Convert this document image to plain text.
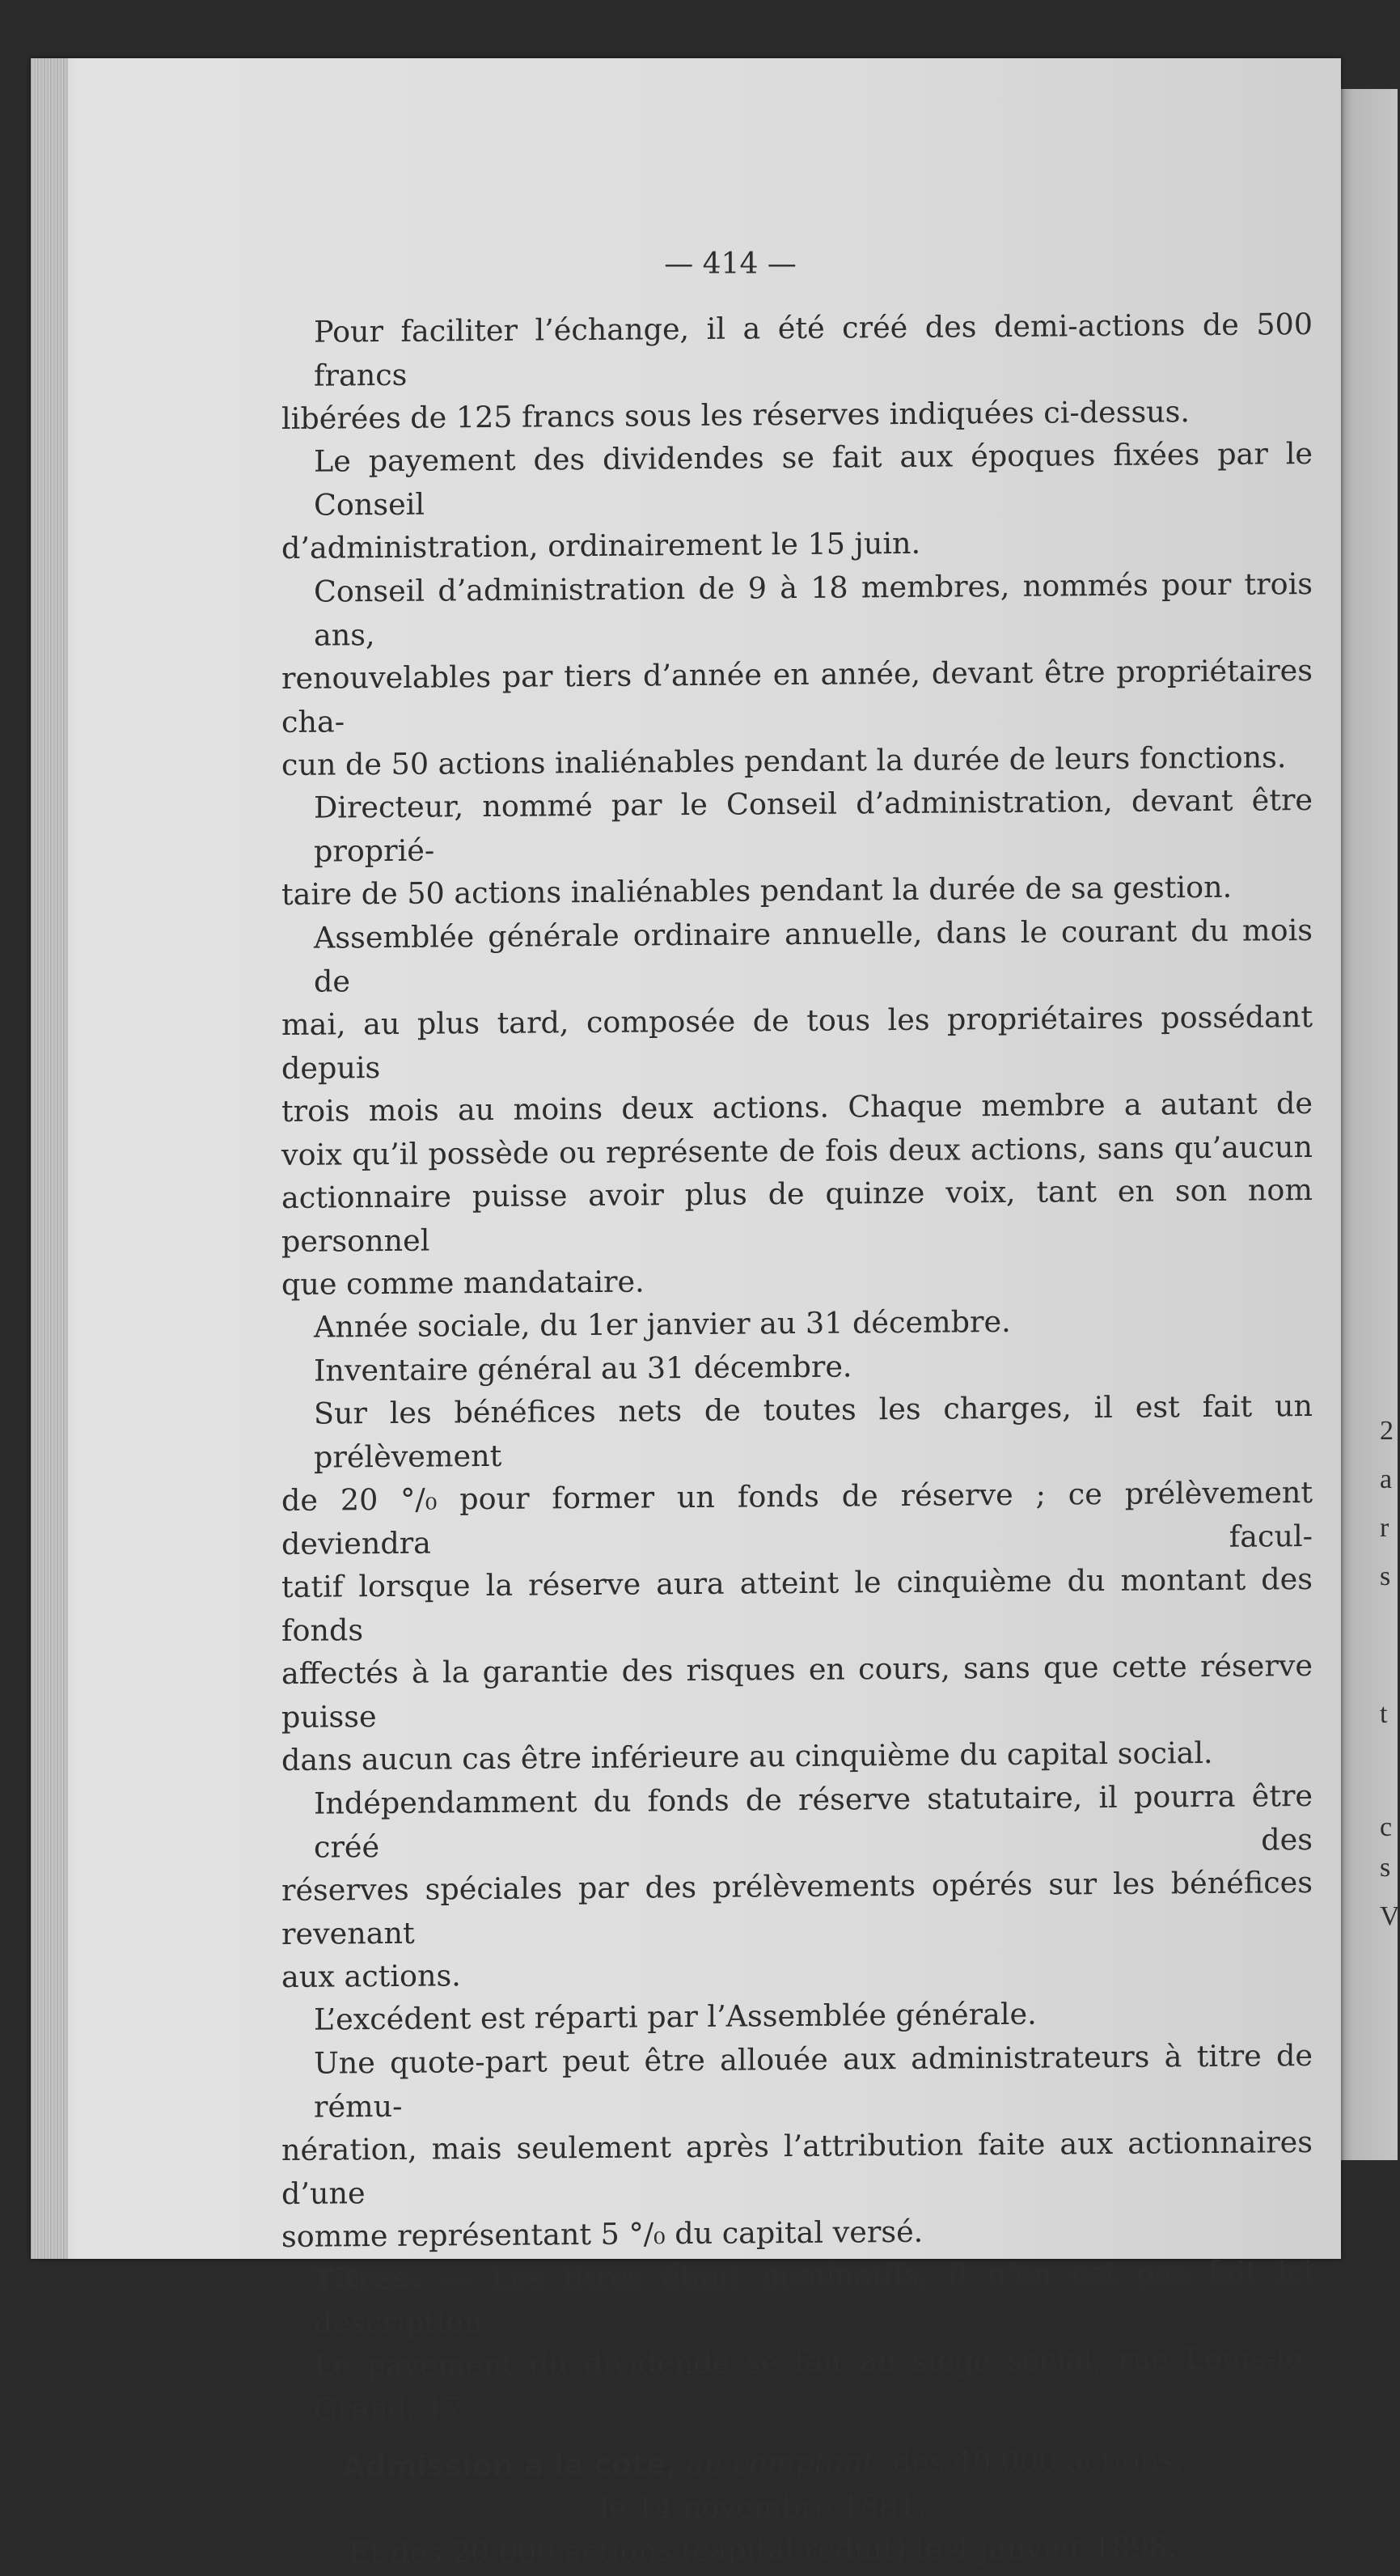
2
a
r
s
t
c
s
V
— 414 —
Pour faciliter l’échange, il a été créé des demi-actions de 500 francs
libérées de 125 francs sous les réserves indiquées ci-dessus.
Le payement des dividendes se fait aux époques fixées par le Conseil
d’administration, ordinairement le 15 juin.
Conseil d’administration de 9 à 18 membres, nommés pour trois ans,
renouvelables par tiers d’année en année, devant être propriétaires cha-
cun de 50 actions inaliénables pendant la durée de leurs fonctions.
Directeur, nommé par le Conseil d’administration, devant être proprié-
taire de 50 actions inaliénables pendant la durée de sa gestion.
Assemblée générale ordinaire annuelle, dans le courant du mois de
mai, au plus tard, composée de tous les propriétaires possédant depuis
trois mois au moins deux actions. Chaque membre a autant de
voix qu’il possède ou représente de fois deux actions, sans qu’aucun
actionnaire puisse avoir plus de quinze voix, tant en son nom personnel
que comme mandataire.
Année sociale, du 1er janvier au 31 décembre.
Inventaire général au 31 décembre.
Sur les bénéfices nets de toutes les charges, il est fait un prélèvement
de 20 °/₀ pour former un fonds de réserve ; ce prélèvement deviendra facul-
tatif lorsque la réserve aura atteint le cinquième du montant des fonds
affectés à la garantie des risques en cours, sans que cette réserve puisse
dans aucun cas être inférieure au cinquième du capital social.
Indépendamment du fonds de réserve statutaire, il pourra être créé des
réserves spéciales par des prélèvements opérés sur les bénéfices revenant
aux actions.
L’excédent est réparti par l’Assemblée générale.
Une quote-part peut être allouée aux administrateurs à titre de rému-
nération, mais seulement après l’attribution faite aux actionnaires d’une
somme représentant 5 °/₀ du capital versé.
Titres. — Les titres étant nominatifs, il n’en est pas fait ici description.
Le payement du dividende se fait au siège social, rue Louis-le-Grand, 17.
Admission à la cote, au comptant, des 40.000 actions,
le 14 novembre 1881,
Et des 20.000 actions (capital réduit) le 4 janvier 1898.
